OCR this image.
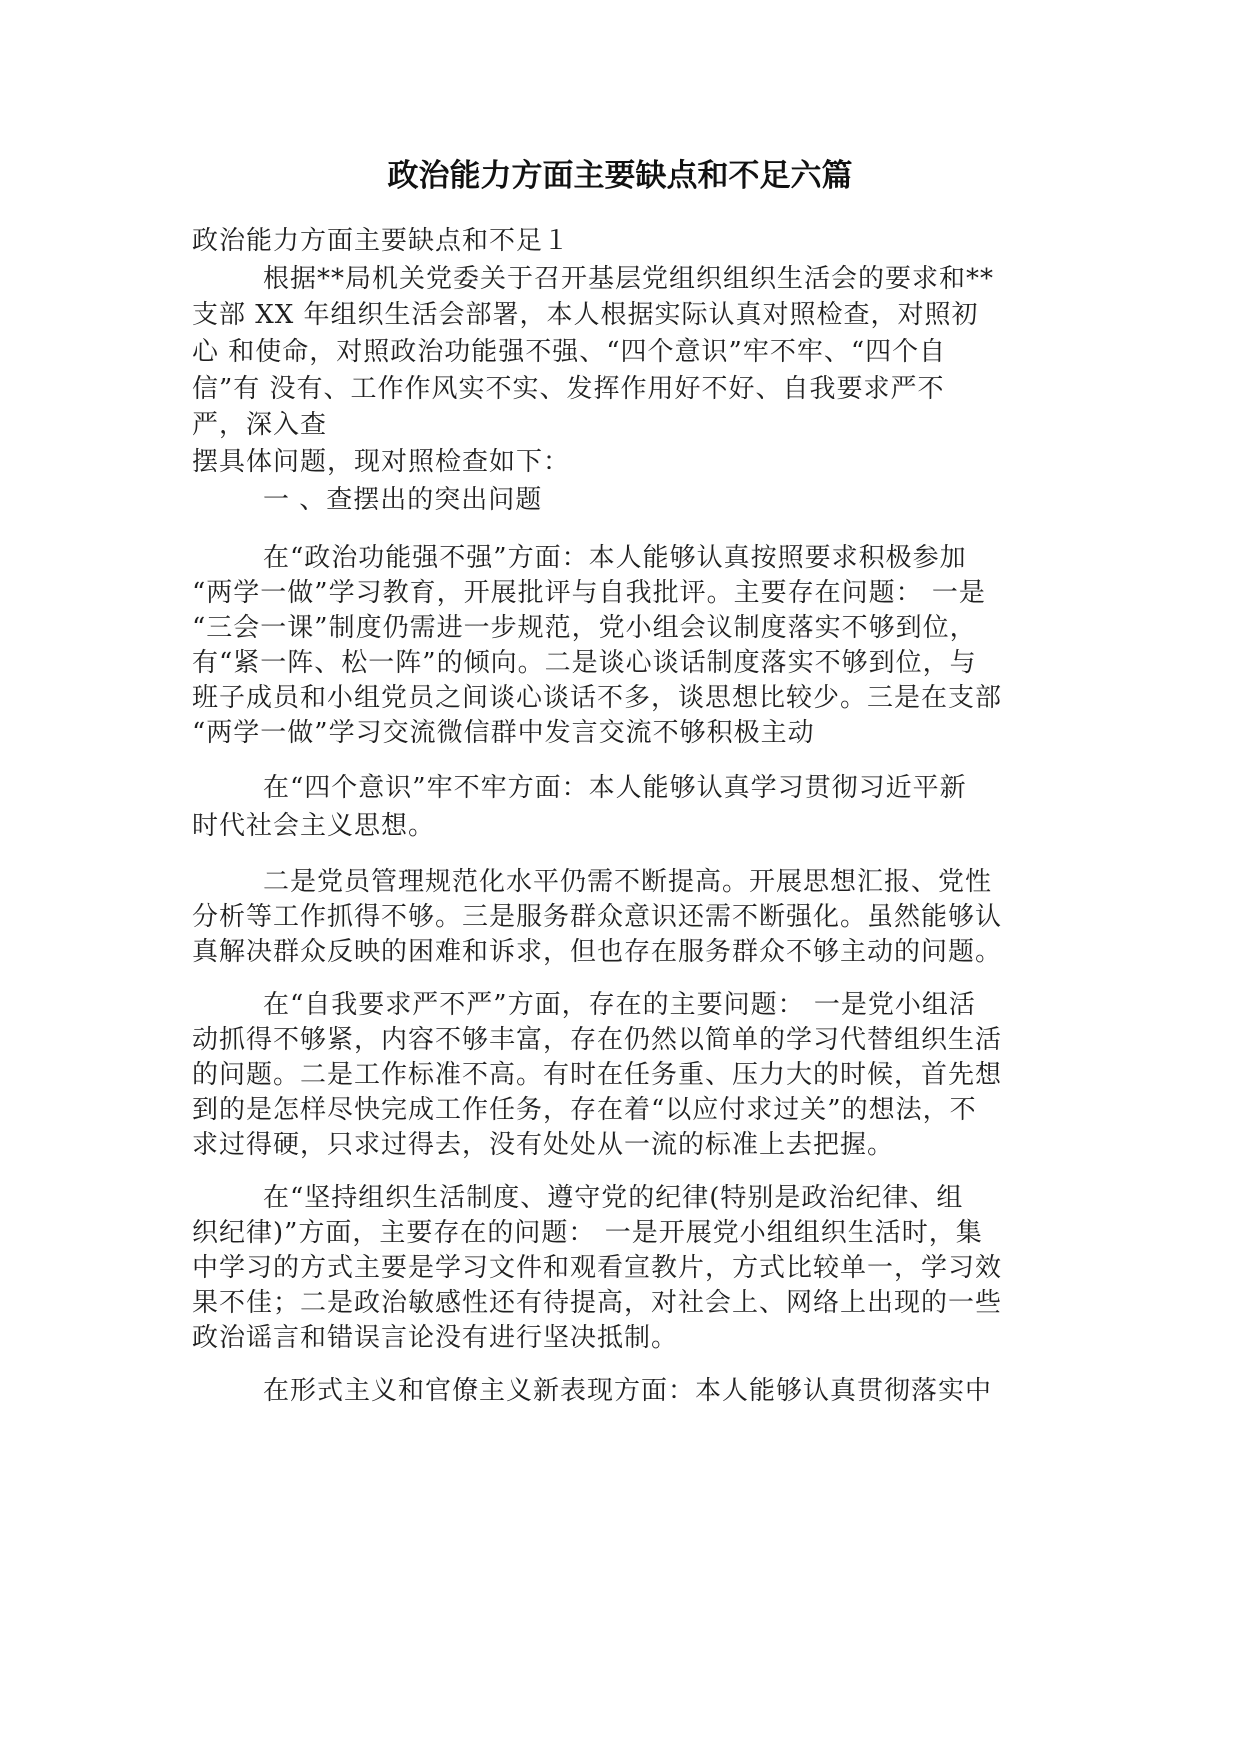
政治能力方面主要缺点和不足六篇
政治能力方面主要缺点和不足１
根据**局机关党委关于召开基层党组织组织生活会的要求和**
支部 XX 年组织生活会部署，本人根据实际认真对照检查，对照初
心 和使命，对照政治功能强不强、“四个意识”牢不牢、“四个自
信”有 没有、工作作风实不实、发挥作用好不好、自我要求严不
严，深入查
摆具体问题，现对照检查如下：
一 、查摆出的突出问题
在“政治功能强不强”方面：本人能够认真按照要求积极参加
“两学一做”学习教育，开展批评与自我批评。主要存在问题： 一是
“三会一课”制度仍需进一步规范，党小组会议制度落实不够到位，
有“紧一阵、松一阵”的倾向。二是谈心谈话制度落实不够到位，与
班子成员和小组党员之间谈心谈话不多，谈思想比较少。三是在支部
“两学一做”学习交流微信群中发言交流不够积极主动
在“四个意识”牢不牢方面：本人能够认真学习贯彻习近平新
时代社会主义思想。
二是党员管理规范化水平仍需不断提高。开展思想汇报、党性
分析等工作抓得不够。三是服务群众意识还需不断强化。虽然能够认
真解决群众反映的困难和诉求，但也存在服务群众不够主动的问题。
在“自我要求严不严”方面，存在的主要问题： 一是党小组活
动抓得不够紧，内容不够丰富，存在仍然以简单的学习代替组织生活
的问题。二是工作标准不高。有时在任务重、压力大的时候，首先想
到的是怎样尽快完成工作任务，存在着“以应付求过关”的想法，不
求过得硬，只求过得去，没有处处从一流的标准上去把握。
在“坚持组织生活制度、遵守党的纪律(特别是政治纪律、组
织纪律)”方面，主要存在的问题： 一是开展党小组组织生活时，集
中学习的方式主要是学习文件和观看宣教片，方式比较单一，学习效
果不佳；二是政治敏感性还有待提高，对社会上、网络上出现的一些
政治谣言和错误言论没有进行坚决抵制。
在形式主义和官僚主义新表现方面：本人能够认真贯彻落实中
